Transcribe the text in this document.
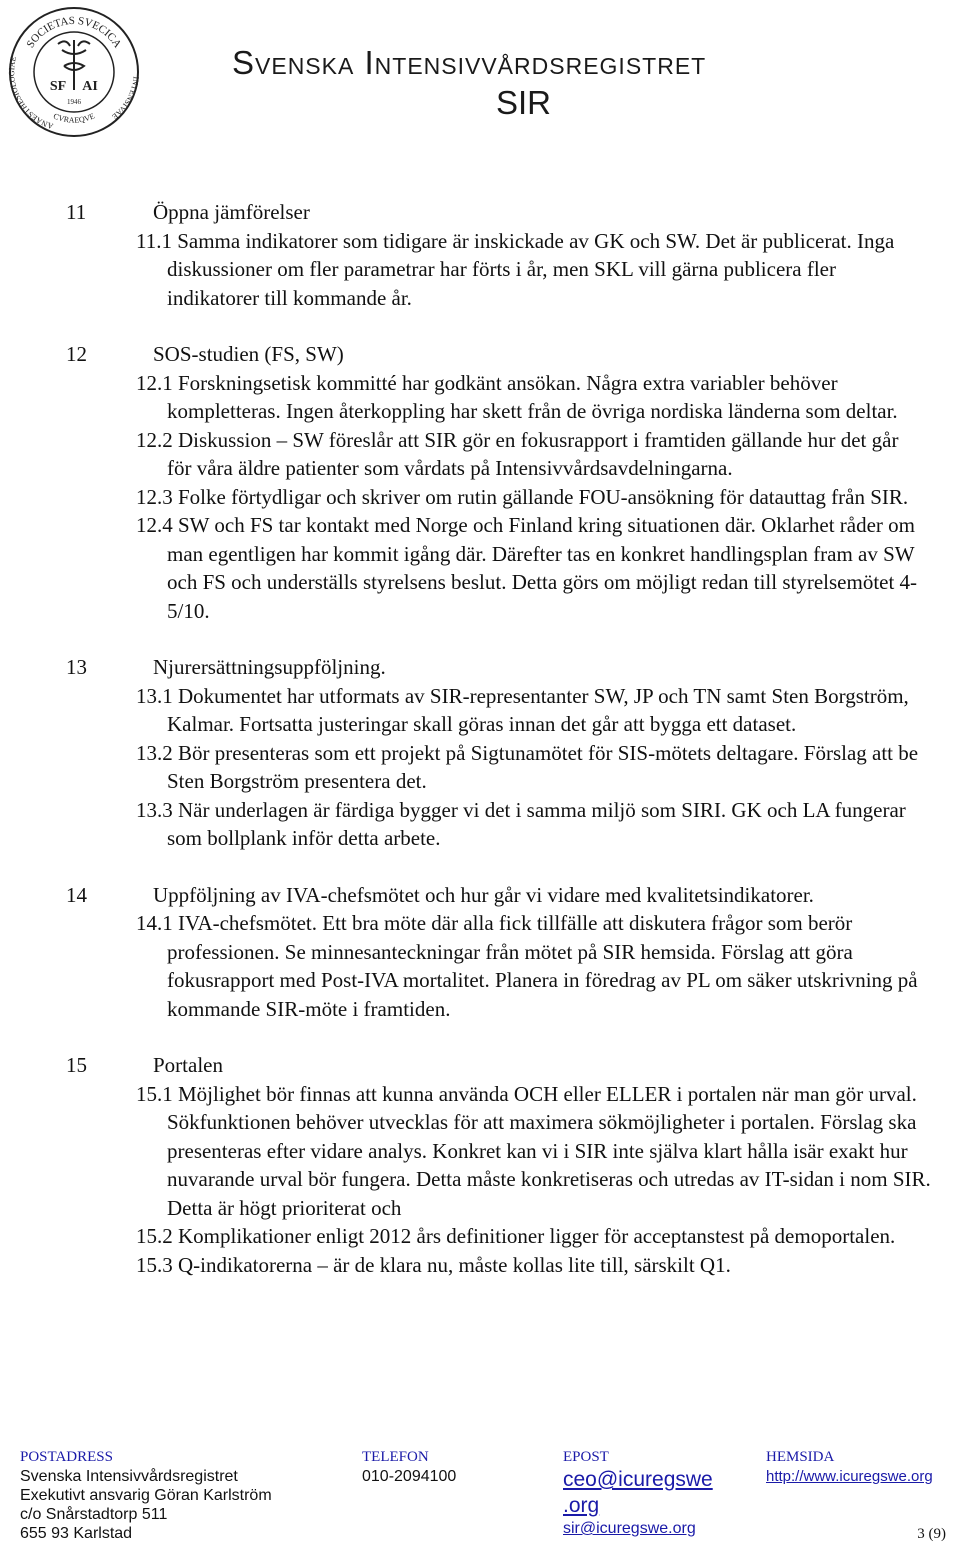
SOCIETAS SVECICA
ANAESTHESIOLOGIAE
INTENSIVAE
CVRAEQVE
SF AI
1946
Svenska Intensivvårdsregistret
SIR
11	Öppna jämförelser
11.1 Samma indikatorer som tidigare är inskickade av GK och SW. Det är publicerat. Inga diskussioner om fler parametrar har förts i år, men SKL vill gärna publicera fler indikatorer till kommande år.
12	SOS-studien (FS, SW)
12.1 Forskningsetisk kommitté har godkänt ansökan. Några extra variabler behöver kompletteras. Ingen återkoppling har skett från de övriga nordiska länderna som deltar.
12.2 Diskussion – SW föreslår att SIR gör en fokusrapport i framtiden gällande hur det går för våra äldre patienter som vårdats på Intensivvårdsavdelningarna.
12.3 Folke förtydligar och skriver om rutin gällande FOU-ansökning för datauttag från SIR.
12.4 SW och FS tar kontakt med Norge och Finland kring situationen där. Oklarhet råder om man egentligen har kommit igång där. Därefter tas en konkret handlingsplan fram av SW och FS och underställs styrelsens beslut. Detta görs om möjligt redan till styrelsemötet 4-5/10.
13	Njurersättningsuppföljning.
13.1 Dokumentet har utformats av SIR-representanter SW, JP och TN samt Sten Borgström, Kalmar. Fortsatta justeringar skall göras innan det går att bygga ett dataset.
13.2 Bör presenteras som ett projekt på Sigtunamötet för SIS-mötets deltagare. Förslag att be Sten Borgström presentera det.
13.3 När underlagen är färdiga bygger vi det i samma miljö som SIRI. GK och LA fungerar som bollplank inför detta arbete.
14	Uppföljning av IVA-chefsmötet och hur går vi vidare med kvalitetsindikatorer.
14.1 IVA-chefsmötet. Ett bra möte där alla fick tillfälle att diskutera frågor som berör professionen. Se minnesanteckningar från mötet på SIR hemsida. Förslag att göra fokusrapport med Post-IVA mortalitet. Planera in föredrag av PL om säker utskrivning på kommande SIR-möte i framtiden.
15	Portalen
15.1 Möjlighet bör finnas att kunna använda OCH eller ELLER i portalen när man gör urval. Sökfunktionen behöver utvecklas för att maximera sökmöjligheter i portalen. Förslag ska presenteras efter vidare analys. Konkret kan vi i SIR inte själva klart hålla isär exakt hur nuvarande urval bör fungera. Detta måste konkretiseras och utredas av IT-sidan i nom SIR. Detta är högt prioriterat och
15.2 Komplikationer enligt 2012 års definitioner ligger för acceptanstest på demoportalen.
15.3 Q-indikatorerna – är de klara nu, måste kollas lite till, särskilt Q1.
POSTADRESS
Svenska Intensivvårdsregistret
Exekutivt ansvarig Göran Karlström
c/o Snårstadtorp 511
655 93 Karlstad
TELEFON
010-2094100
EPOST
ceo@icuregswe
.org
sir@icuregswe.org
HEMSIDA
http://www.icuregswe.org
3 (9)
